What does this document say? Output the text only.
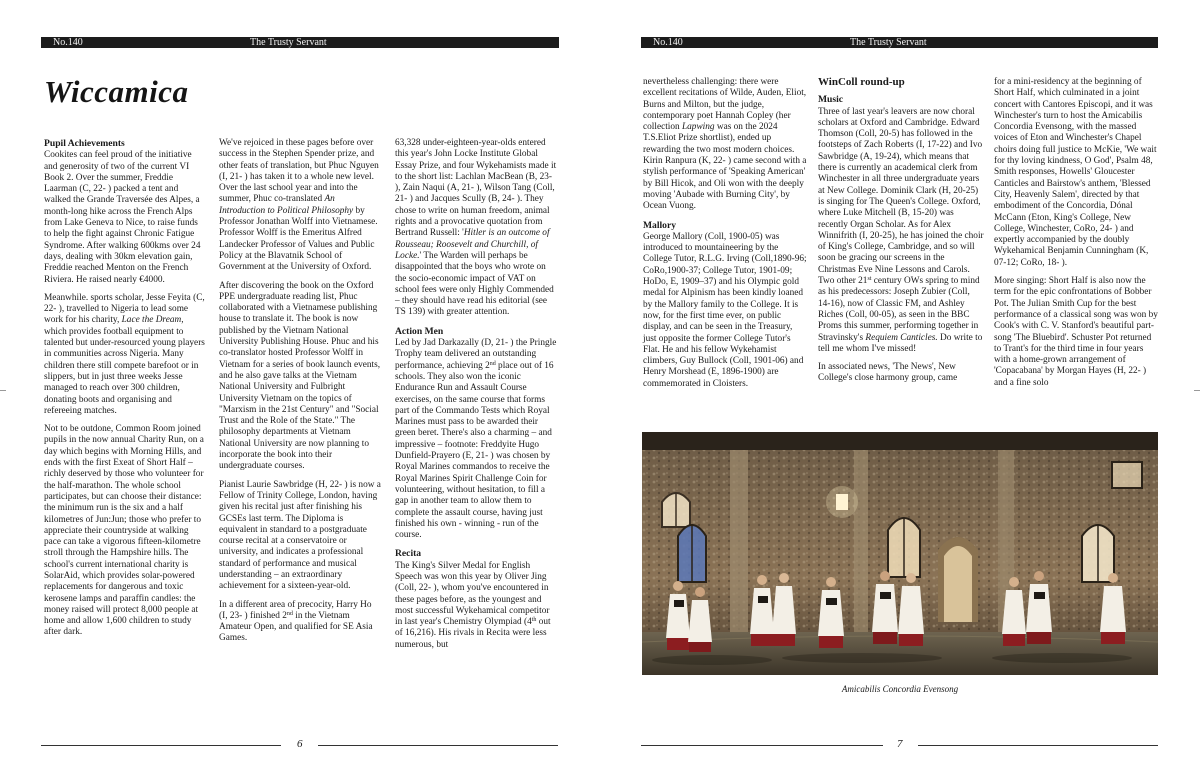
No.140	The Trusty Servant
Wiccamica
Pupil Achievements

Cookites can feel proud of the initiative and generosity of two of the current VI Book 2. Over the summer, Freddie Laarman (C, 22- ) packed a tent and walked the Grande Traversée des Alpes, a month-long hike across the French Alps from Lake Geneva to Nice, to raise funds to help the fight against Chronic Fatigue Syndrome. After walking 600kms over 24 days, dealing with 30km elevation gain, Freddie reached Menton on the French Riviera. He raised nearly €4000.

Meanwhile. sports scholar, Jesse Feyita (C, 22- ), travelled to Nigeria to lead some work for his charity, Lace the Dream, which provides football equipment to talented but under-resourced young players in communities across Nigeria. Many children there still compete barefoot or in slippers, but in just three weeks Jesse managed to reach over 300 children, donating boots and organising and refereeing matches.

Not to be outdone, Common Room joined pupils in the now annual Charity Run, on a day which begins with Morning Hills, and ends with the first Exeat of Short Half – richly deserved by those who volunteer for the half-marathon. The whole school participates, but can choose their distance: the minimum run is the six and a half kilometres of Jun:Jun; those who prefer to appreciate their countryside at walking pace can take a vigorous fifteen-kilometre stroll through the Hampshire hills. The school's current international charity is SolarAid, which provides solar-powered replacements for dangerous and toxic kerosene lamps and paraffin candles: the money raised will protect 8,000 people at home and allow 1,600 children to study after dark.

We've rejoiced in these pages before over success in the Stephen Spender prize, and other feats of translation, but Phuc Nguyen (I, 21- ) has taken it to a whole new level. Over the last school year and into the summer, Phuc co-translated An Introduction to Political Philosophy by Professor Jonathan Wolff into Vietnamese. Professor Wolff is the Emeritus Alfred Landecker Professor of Values and Public Policy at the Blavatnik School of Government at the University of Oxford.

After discovering the book on the Oxford PPE undergraduate reading list, Phuc collaborated with a Vietnamese publishing house to translate it. The book is now published by the Vietnam National University Publishing House. Phuc and his co-translator hosted Professor Wolff in Vietnam for a series of book launch events, and he also gave talks at the Vietnam National University and Fulbright University Vietnam on the topics of "Marxism in the 21st Century" and "Social Trust and the Role of the State." The philosophy departments at Vietnam National University are now planning to incorporate the book into their undergraduate courses.

Pianist Laurie Sawbridge (H, 22- ) is now a Fellow of Trinity College, London, having given his recital just after finishing his GCSEs last term. The Diploma is equivalent in standard to a postgraduate course recital at a conservatoire or university, and indicates a professional standard of performance and musical understanding – an extraordinary achievement for a sixteen-year-old.

In a different area of precocity, Harry Ho (I, 23- ) finished 2nd in the Vietnam Amateur Open, and qualified for SE Asia Games.

63,328 under-eighteen-year-olds entered this year's John Locke Institute Global Essay Prize, and four Wykehamists made it to the short list: Lachlan MacBean (B, 23- ), Zain Naqui (A, 21- ), Wilson Tang (Coll, 21- ) and Jacques Scully (B, 24- ). They chose to write on human freedom, animal rights and a provocative quotation from Bertrand Russell: 'Hitler is an outcome of Rousseau; Roosevelt and Churchill, of Locke.' The Warden will perhaps be disappointed that the boys who wrote on the socio-economic impact of VAT on school fees were only Highly Commended – they should have read his editorial (see TS 139) with greater attention.

Action Men

Led by Jad Darkazally (D, 21- ) the Pringle Trophy team delivered an outstanding performance, achieving 2nd place out of 16 schools. They also won the iconic Endurance Run and Assault Course exercises, on the same course that forms part of the Commando Tests which Royal Marines must pass to be awarded their green beret. There's also a charming – and impressive – footnote: Freddyite Hugo Dunfield-Prayero (E, 21- ) was chosen by Royal Marines commandos to receive the Royal Marines Spirit Challenge Coin for volunteering, without hesitation, to fill a gap in another team to allow them to complete the assault course, having just finished his own - winning - run of the course.

Recita

The King's Silver Medal for English Speech was won this year by Oliver Jing (Coll, 22- ), whom you've encountered in these pages before, as the youngest and most successful Wykehamical competitor in last year's Chemistry Olympiad (4th out of 16,216). His rivals in Recita were less numerous, but

6
No.140	The Trusty Servant

nevertheless challenging: there were excellent recitations of Wilde, Auden, Eliot, Burns and Milton, but the judge, contemporary poet Hannah Copley (her collection Lapwing was on the 2024 T.S.Eliot Prize shortlist), ended up rewarding the two most modern choices. Kirin Ranpura (K, 22- ) came second with a stylish performance of 'Speaking American' by Bill Hicok, and Oli won with the deeply moving 'Aubade with Burning City', by Ocean Vuong.

Mallory

George Mallory (Coll, 1900-05) was introduced to mountaineering by the College Tutor, R.L.G. Irving (Coll,1890-96; CoRo,1900-37; College Tutor, 1901-09; HoDo, E, 1909–37) and his Olympic gold medal for Alpinism has been kindly loaned by the Mallory family to the College. It is now, for the first time ever, on public display, and can be seen in the Treasury, just opposite the former College Tutor's Flat. He and his fellow Wykehamist climbers, Guy Bullock (Coll, 1901-06) and Henry Morshead (E, 1896-1900) are commemorated in Cloisters.

WinColl round-up
Music

Three of last year's leavers are now choral scholars at Oxford and Cambridge. Edward Thomson (Coll, 20-5) has followed in the footsteps of Zach Roberts (I, 17-22) and Ivo Sawbridge (A, 19-24), which means that there is currently an academical clerk from Winchester in all three undergraduate years at New College. Dominik Clark (H, 20-25) is singing for The Queen's College. Oxford, where Luke Mitchell (B, 15-20) was recently Organ Scholar. As for Alex Winnifrith (I, 20-25), he has joined the choir of King's College, Cambridge, and so will soon be gracing our screens in the Christmas Eve Nine Lessons and Carols. Two other 21st century OWs spring to mind as his predecessors: Joseph Zubier (Coll, 14-16), now of Classic FM, and Ashley Riches (Coll, 00-05), as seen in the BBC Proms this summer, performing together in Stravinsky's Requiem Canticles. Do write to tell me whom I've missed!

In associated news, 'The News', New College's close harmony group, came

for a mini-residency at the beginning of Short Half, which culminated in a joint concert with Cantores Episcopi, and it was Winchester's turn to host the Amicabilis Concordia Evensong, with the massed voices of Eton and Winchester's Chapel choirs doing full justice to McKie, 'We wait for thy loving kindness, O God', Psalm 48, Smith responses, Howells' Gloucester Canticles and Bairstow's anthem, 'Blessed City, Heavenly Salem', directed by that embodiment of the Concordia, Dónal McCann (Eton, King's College, New College, Winchester, CoRo, 24- ) and expertly accompanied by the doubly Wykehamical Benjamin Cunningham (K, 07-12; CoRo, 18- ).

More singing: Short Half is also now the term for the epic confrontations of Bobber Pot. The Julian Smith Cup for the best performance of a classical song was won by Cook's with C. V. Stanford's beautiful part-song 'The Bluebird'. Schuster Pot returned to Trant's for the third time in four years with a home-grown arrangement of 'Copacabana' by Morgan Hayes (H, 22- ) and a fine solo

Amicabilis Concordia Evensong
7
